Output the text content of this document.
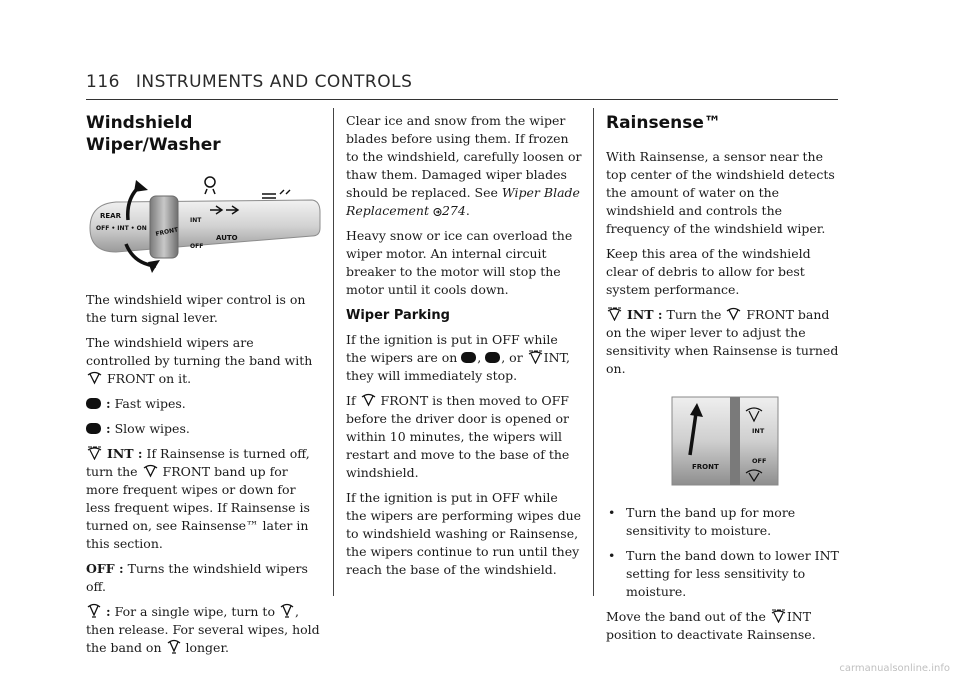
116 INSTRUMENTS AND CONTROLS
Windshield Wiper/Washer
REAR
OFF • INT • ON FRONT
INT
OFF
AUTO

The windshield wiper control is on the turn signal lever.

The windshield wipers are controlled by turning the band with  FRONT on it.

: Fast wipes.

: Slow wipes.

INT : If Rainsense is turned off, turn the FRONT band up for more frequent wipes or down for less frequent wipes. If Rainsense is turned on, see Rainsense™ later in this section.

OFF : Turns the windshield wipers off.

: For a single wipe, turn to , then release. For several wipes, hold the band on longer.

Clear ice and snow from the wiper blades before using them. If frozen to the windshield, carefully loosen or thaw them. Damaged wiper blades should be replaced. See Wiper Blade Replacement 274.

Heavy snow or ice can overload the wiper motor. An internal circuit breaker to the motor will stop the motor until it cools down.

Wiper Parking

If the ignition is put in OFF while the wipers are on , , or INT, they will immediately stop.

If FRONT is then moved to OFF before the driver door is opened or within 10 minutes, the wipers will restart and move to the base of the windshield.

If the ignition is put in OFF while the wipers are performing wipes due to windshield washing or Rainsense, the wipers continue to run until they reach the base of the windshield.

Rainsense™

With Rainsense, a sensor near the top center of the windshield detects the amount of water on the windshield and controls the frequency of the windshield wiper.

Keep this area of the windshield clear of debris to allow for best system performance.

INT : Turn the FRONT band on the wiper lever to adjust the sensitivity when Rainsense is turned on.

FRONT
INT
OFF
• Turn the band up for more sensitivity to moisture.
• Turn the band down to lower INT setting for less sensitivity to moisture.

Move the band out of the INT position to deactivate Rainsense.

carmanualsonline.info
